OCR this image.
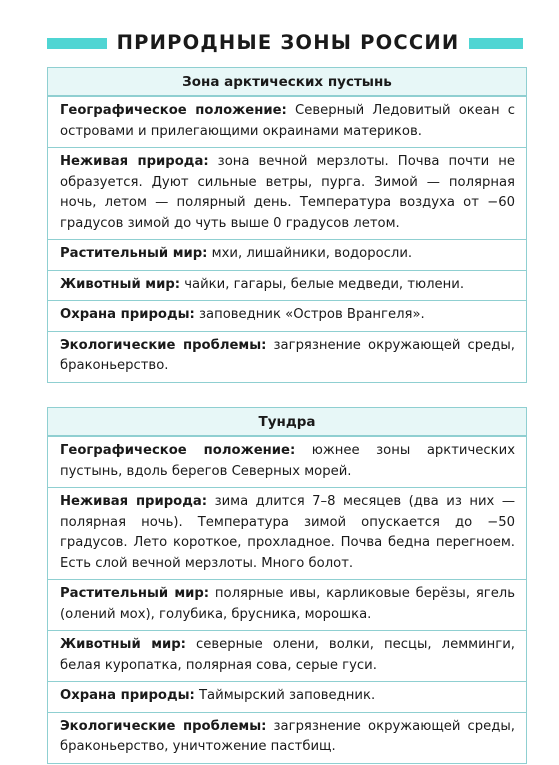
ПРИРОДНЫЕ ЗОНЫ РОССИИ
Зона арктических пустынь
Географическое положение: Северный Ледовитый океан с островами и прилегающими окраинами материков.
Неживая природа: зона вечной мерзлоты. Почва почти не образуется. Дуют сильные ветры, пурга. Зимой — полярная ночь, летом — полярный день. Температура воздуха от −60 градусов зимой до чуть выше 0 градусов летом.
Растительный мир: мхи, лишайники, водоросли.
Животный мир: чайки, гагары, белые медведи, тюлени.
Охрана природы: заповедник «Остров Врангеля».
Экологические проблемы: загрязнение окружающей среды, браконьерство.
Тундра
Географическое положение: южнее зоны арктических пустынь, вдоль берегов Северных морей.
Неживая природа: зима длится 7–8 месяцев (два из них — полярная ночь). Температура зимой опускается до −50 градусов. Лето короткое, прохладное. Почва бедна перегноем. Есть слой вечной мерзлоты. Много болот.
Растительный мир: полярные ивы, карликовые берёзы, ягель (олений мох), голубика, брусника, морошка.
Животный мир: северные олени, волки, песцы, лемминги, белая куропатка, полярная сова, серые гуси.
Охрана природы: Таймырский заповедник.
Экологические проблемы: загрязнение окружающей среды, браконьерство, уничтожение пастбищ.
